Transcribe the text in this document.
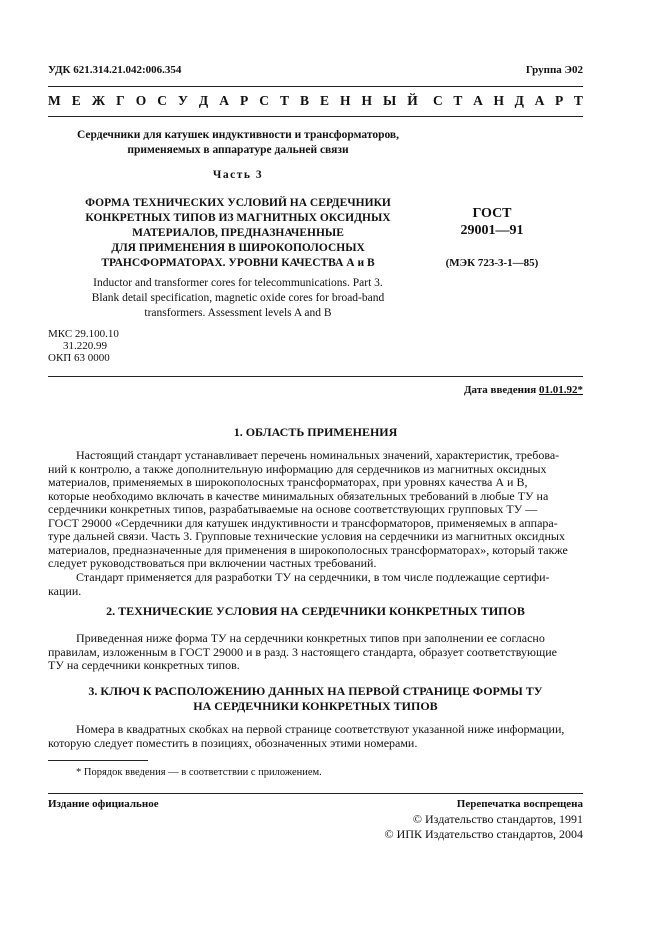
УДК 621.314.21.042:006.354	Группа Э02
М Е Ж Г О С У Д А Р С Т В Е Н Н Ы Й С Т А Н Д А Р Т
Сердечники для катушек индуктивности и трансформаторов,
применяемых в аппаратуре дальней связи
Часть 3
ФОРМА ТЕХНИЧЕСКИХ УСЛОВИЙ НА СЕРДЕЧНИКИ
КОНКРЕТНЫХ ТИПОВ ИЗ МАГНИТНЫХ ОКСИДНЫХ
МАТЕРИАЛОВ, ПРЕДНАЗНАЧЕННЫЕ
ДЛЯ ПРИМЕНЕНИЯ В ШИРОКОПОЛОСНЫХ
ТРАНСФОРМАТОРАХ. УРОВНИ КАЧЕСТВА А и В
ГОСТ
29001—91
(МЭК 723-3-1—85)
Inductor and transformer cores for telecommunications. Part 3.
Blank detail specification, magnetic oxide cores for broad-band
transformers. Assessment levels A and B
МКС 29.100.10
31.220.99
ОКП 63 0000
Дата введения 01.01.92*
1. ОБЛАСТЬ ПРИМЕНЕНИЯ
Настоящий стандарт устанавливает перечень номинальных значений, характеристик, требова-
ний к контролю, а также дополнительную информацию для сердечников из магнитных оксидных
материалов, применяемых в широкополосных трансформаторах, при уровнях качества А и В,
которые необходимо включать в качестве минимальных обязательных требований в любые ТУ на
сердечники конкретных типов, разрабатываемые на основе соответствующих групповых ТУ —
ГОСТ 29000 «Сердечники для катушек индуктивности и трансформаторов, применяемых в аппара-
туре дальней связи. Часть 3. Групповые технические условия на сердечники из магнитных оксидных
материалов, предназначенные для применения в широкополосных трансформаторах», который также
следует руководствоваться при включении частных требований.
Стандарт применяется для разработки ТУ на сердечники, в том числе подлежащие сертифи-
кации.
2. ТЕХНИЧЕСКИЕ УСЛОВИЯ НА СЕРДЕЧНИКИ КОНКРЕТНЫХ ТИПОВ
Приведенная ниже форма ТУ на сердечники конкретных типов при заполнении ее согласно
правилам, изложенным в ГОСТ 29000 и в разд. 3 настоящего стандарта, образует соответствующие
ТУ на сердечники конкретных типов.
3. КЛЮЧ К РАСПОЛОЖЕНИЮ ДАННЫХ НА ПЕРВОЙ СТРАНИЦЕ ФОРМЫ ТУ
НА СЕРДЕЧНИКИ КОНКРЕТНЫХ ТИПОВ
Номера в квадратных скобках на первой странице соответствуют указанной ниже информации,
которую следует поместить в позициях, обозначенных этими номерами.
* Порядок введения — в соответствии с приложением.
Издание официальное	Перепечатка воспрещена
© Издательство стандартов, 1991
© ИПК Издательство стандартов, 2004
